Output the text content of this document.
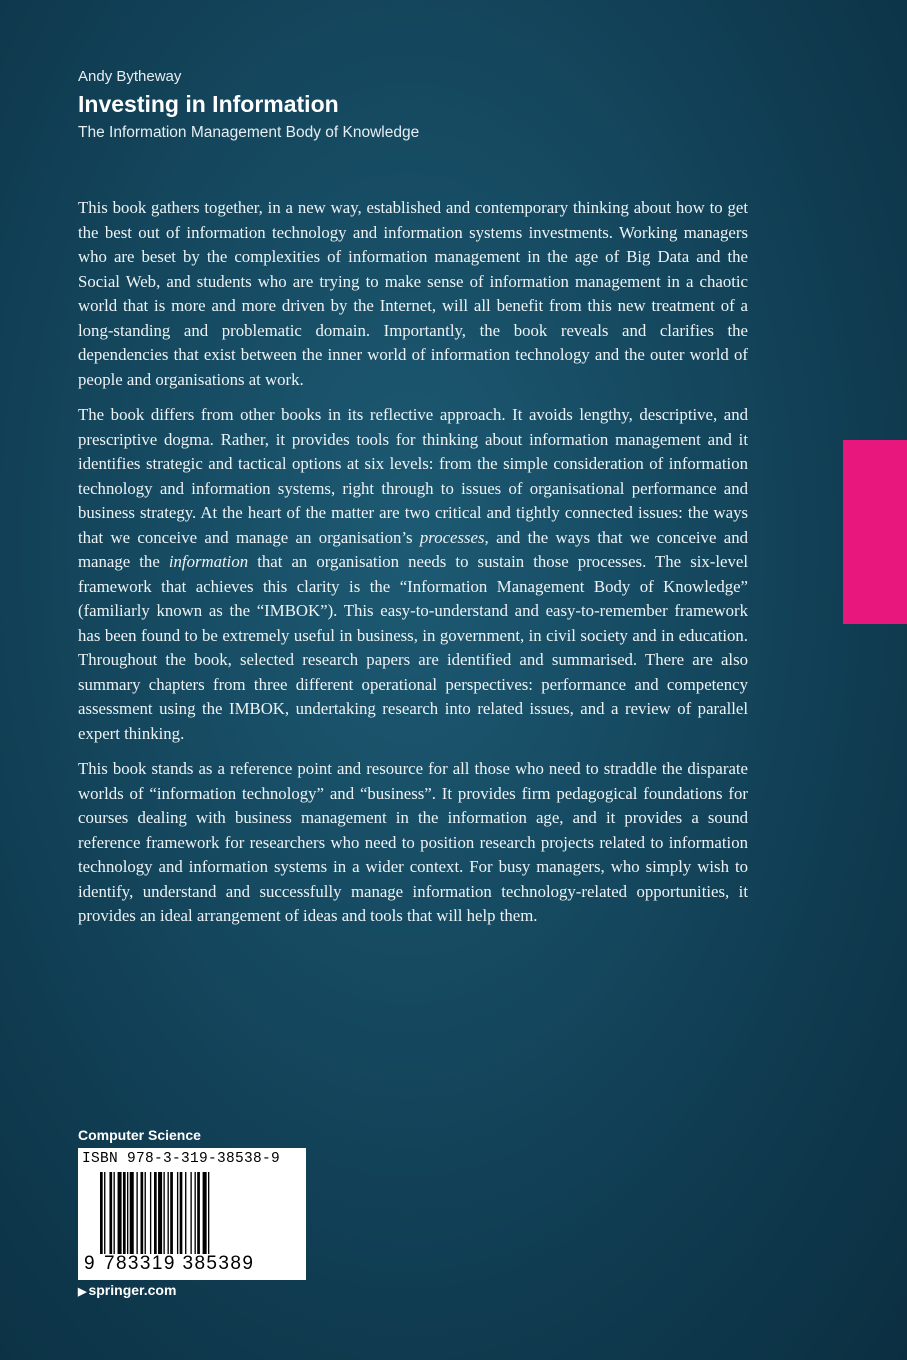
Andy Bytheway

Investing in Information

The Information Management Body of Knowledge

This book gathers together, in a new way, established and contemporary thinking about how to get the best out of information technology and information systems investments. Working managers who are beset by the complexities of information management in the age of Big Data and the Social Web, and students who are trying to make sense of information management in a chaotic world that is more and more driven by the Internet, will all benefit from this new treatment of a long-standing and problematic domain. Importantly, the book reveals and clarifies the dependencies that exist between the inner world of information technology and the outer world of people and organisations at work.

The book differs from other books in its reflective approach. It avoids lengthy, descriptive, and prescriptive dogma. Rather, it provides tools for thinking about information management and it identifies strategic and tactical options at six levels: from the simple consideration of information technology and information systems, right through to issues of organisational performance and business strategy. At the heart of the matter are two critical and tightly connected issues: the ways that we conceive and manage an organisation’s processes, and the ways that we conceive and manage the information that an organisation needs to sustain those processes. The six-level framework that achieves this clarity is the “Information Management Body of Knowledge” (familiarly known as the “IMBOK”). This easy-to-understand and easy-to-remember framework has been found to be extremely useful in business, in government, in civil society and in education. Throughout the book, selected research papers are identified and summarised. There are also summary chapters from three different operational perspectives: performance and competency assessment using the IMBOK, undertaking research into related issues, and a review of parallel expert thinking.

This book stands as a reference point and resource for all those who need to straddle the disparate worlds of “information technology” and “business”. It provides firm pedagogical foundations for courses dealing with business management in the information age, and it provides a sound reference framework for researchers who need to position research projects related to information technology and information systems in a wider context. For busy managers, who simply wish to identify, understand and successfully manage information technology-related opportunities, it provides an ideal arrangement of ideas and tools that will help them.

Computer Science
ISBN 978-3-319-38538-9
9 783319 385389
▶ springer.com
